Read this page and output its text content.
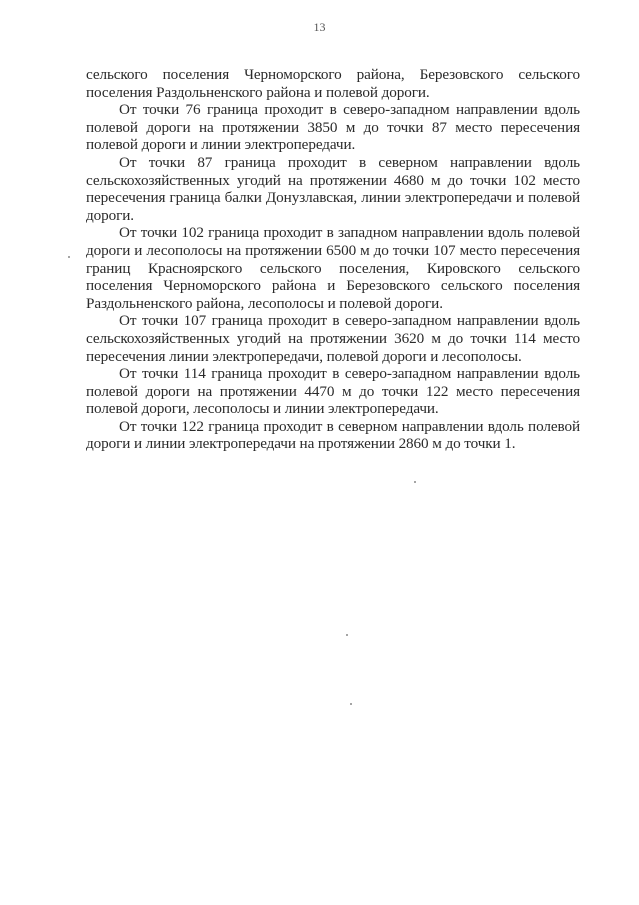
13

сельского поселения Черноморского района, Березовского сельского поселения Раздольненского района и полевой дороги.

От точки 76 граница проходит в северо-западном направлении вдоль полевой дороги на протяжении 3850 м до точки 87 место пересечения полевой дороги и линии электропередачи.

От точки 87 граница проходит в северном направлении вдоль сельскохозяйственных угодий на протяжении 4680 м до точки 102 место пересечения граница балки Донузлавская, линии электропередачи и полевой дороги.

От точки 102 граница проходит в западном направлении вдоль полевой дороги и лесополосы на протяжении 6500 м до точки 107 место пересечения границ Красноярского сельского поселения, Кировского сельского поселения Черноморского района и Березовского сельского поселения Раздольненского района, лесополосы и полевой дороги.

От точки 107 граница проходит в северо-западном направлении вдоль сельскохозяйственных угодий на протяжении 3620 м до точки 114 место пересечения линии электропередачи, полевой дороги и лесополосы.

От точки 114 граница проходит в северо-западном направлении вдоль полевой дороги на протяжении 4470 м до точки 122 место пересечения полевой дороги, лесополосы и линии электропередачи.

От точки 122 граница проходит в северном направлении вдоль полевой дороги и линии электропередачи на протяжении 2860 м до точки 1.
